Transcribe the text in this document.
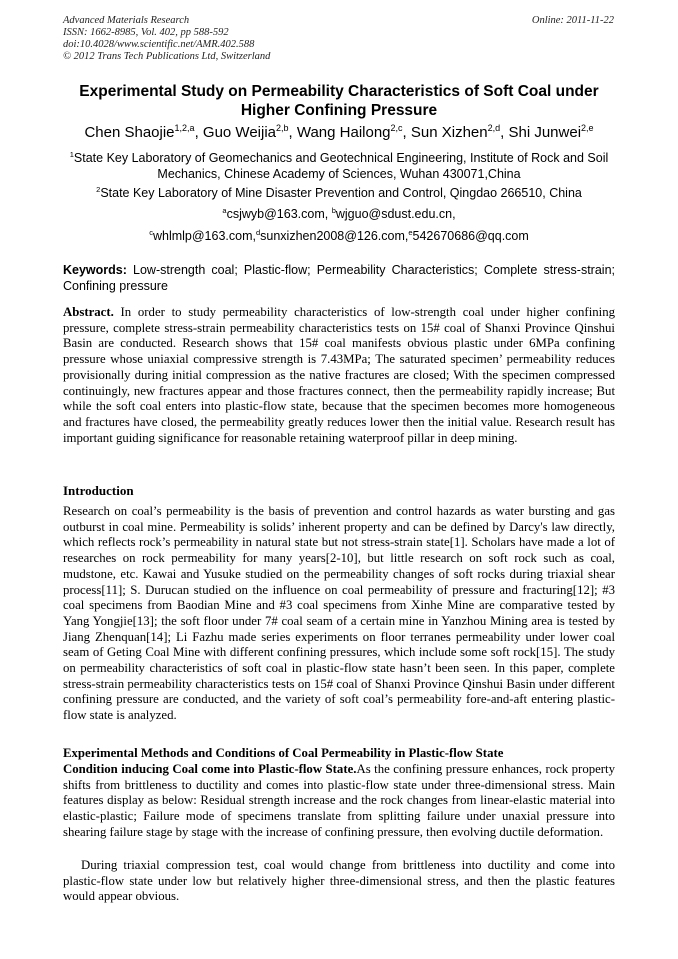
Advanced Materials Research
ISSN: 1662-8985, Vol. 402, pp 588-592
doi:10.4028/www.scientific.net/AMR.402.588
© 2012 Trans Tech Publications Ltd, Switzerland
Online: 2011-11-22
Experimental Study on Permeability Characteristics of Soft Coal under
Higher Confining Pressure
Chen Shaojie$^{1,2,a}$, Guo Weijia$^{2,b}$, Wang Hailong$^{2,c}$, Sun Xizhen$^{2,d}$, Shi Junwei$^{2,e}$
$^1$State Key Laboratory of Geomechanics and Geotechnical Engineering, Institute of Rock and Soil
Mechanics, Chinese Academy of Sciences, Wuhan 430071,China
$^2$State Key Laboratory of Mine Disaster Prevention and Control, Qingdao 266510, China
$^a$csjwyb@163.com, $^b$wjguo@sdust.edu.cn,
$^c$whlmlp@163.com,$^d$sunxizhen2008@126.com,$^e$542670686@qq.com
Keywords: Low-strength coal; Plastic-flow; Permeability Characteristics; Complete stress-strain; Confining pressure

Abstract. In order to study permeability characteristics of low-strength coal under higher confining pressure, complete stress-strain permeability characteristics tests on 15# coal of Shanxi Province Qinshui Basin are conducted. Research shows that 15# coal manifests obvious plastic under 6MPa confining pressure whose uniaxial compressive strength is 7.43MPa; The saturated specimen’ permeability reduces provisionally during initial compression as the native fractures are closed; With the specimen compressed continuingly, new fractures appear and those fractures connect, then the permeability rapidly increase; But while the soft coal enters into plastic-flow state, because that the specimen becomes more homogeneous and fractures have closed, the permeability greatly reduces lower then the initial value. Research result has important guiding significance for reasonable retaining waterproof pillar in deep mining.

Introduction

Research on coal’s permeability is the basis of prevention and control hazards as water bursting and gas outburst in coal mine. Permeability is solids’ inherent property and can be defined by Darcy's law directly, which reflects rock’s permeability in natural state but not stress-strain state[1]. Scholars have made a lot of researches on rock permeability for many years[2-10], but little research on soft rock such as coal, mudstone, etc. Kawai and Yusuke studied on the permeability changes of soft rocks during triaxial shear process[11]; S. Durucan studied on the influence on coal permeability of pressure and fracturing[12]; #3 coal specimens from Baodian Mine and #3 coal specimens from Xinhe Mine are comparative tested by Yang Yongjie[13]; the soft floor under 7# coal seam of a certain mine in Yanzhou Mining area is tested by Jiang Zhenquan[14]; Li Fazhu made series experiments on floor terranes permeability under lower coal seam of Geting Coal Mine with different confining pressures, which include some soft rock[15]. The study on permeability characteristics of soft coal in plastic-flow state hasn’t been seen. In this paper, complete stress-strain permeability characteristics tests on 15# coal of Shanxi Province Qinshui Basin under different confining pressure are conducted, and the variety of soft coal’s permeability fore-and-aft entering plastic-flow state is analyzed.

Experimental Methods and Conditions of Coal Permeability in Plastic-flow State

Condition inducing Coal come into Plastic-flow State.As the confining pressure enhances, rock property shifts from brittleness to ductility and comes into plastic-flow state under three-dimensional stress. Main features display as below: Residual strength increase and the rock changes from linear-elastic material into elastic-plastic; Failure mode of specimens translate from splitting failure under unaxial pressure into shearing failure stage by stage with the increase of confining pressure, then evolving ductile deformation.

During triaxial compression test, coal would change from brittleness into ductility and come into plastic-flow state under low but relatively higher three-dimensional stress, and then the plastic features would appear obvious.
